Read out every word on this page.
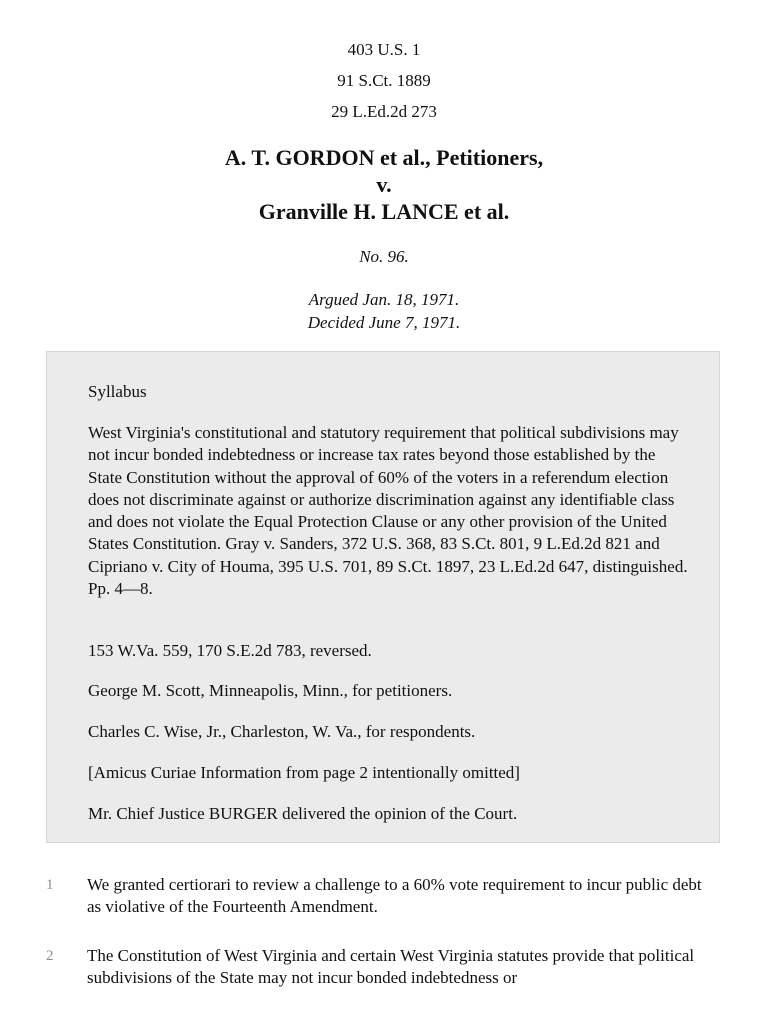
403 U.S. 1
91 S.Ct. 1889
29 L.Ed.2d 273
A. T. GORDON et al., Petitioners,
v.
Granville H. LANCE et al.
No. 96.
Argued Jan. 18, 1971.
Decided June 7, 1971.

Syllabus

West Virginia's constitutional and statutory requirement that political subdivisions may not incur bonded indebtedness or increase tax rates beyond those established by the State Constitution without the approval of 60% of the voters in a referendum election does not discriminate against or authorize discrimination against any identifiable class and does not violate the Equal Protection Clause or any other provision of the United States Constitution. Gray v. Sanders, 372 U.S. 368, 83 S.Ct. 801, 9 L.Ed.2d 821 and Cipriano v. City of Houma, 395 U.S. 701, 89 S.Ct. 1897, 23 L.Ed.2d 647, distinguished. Pp. 4—8.

153 W.Va. 559, 170 S.E.2d 783, reversed.

George M. Scott, Minneapolis, Minn., for petitioners.

Charles C. Wise, Jr., Charleston, W. Va., for respondents.

[Amicus Curiae Information from page 2 intentionally omitted]

Mr. Chief Justice BURGER delivered the opinion of the Court.

1 We granted certiorari to review a challenge to a 60% vote requirement to incur public debt as violative of the Fourteenth Amendment.
2 The Constitution of West Virginia and certain West Virginia statutes provide that political subdivisions of the State may not incur bonded indebtedness or
